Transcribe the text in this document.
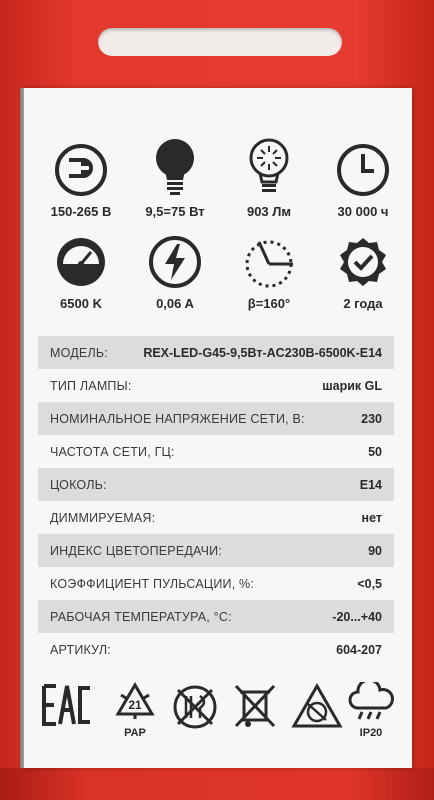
150-265 В	9,5=75 Вт	903 Лм	30 000 ч
6500 K	0,06 A	β=160°	2 года
МОДЕЛЬ:	REX-LED-G45-9,5Вт-AC230В-6500K-E14
ТИП ЛАМПЫ:	шарик GL
НОМИНАЛЬНОЕ НАПРЯЖЕНИЕ СЕТИ, В:	230
ЧАСТОТА СЕТИ, ГЦ:	50
ЦОКОЛЬ:	E14
ДИММИРУЕМАЯ:	нет
ИНДЕКС ЦВЕТОПЕРЕДАЧИ:	90
КОЭФФИЦИЕНТ ПУЛЬСАЦИИ, %:	<0,5
РАБОЧАЯ ТЕМПЕРАТУРА, °С:	-20...+40
АРТИКУЛ:	604-207
21
PAP	IP20
